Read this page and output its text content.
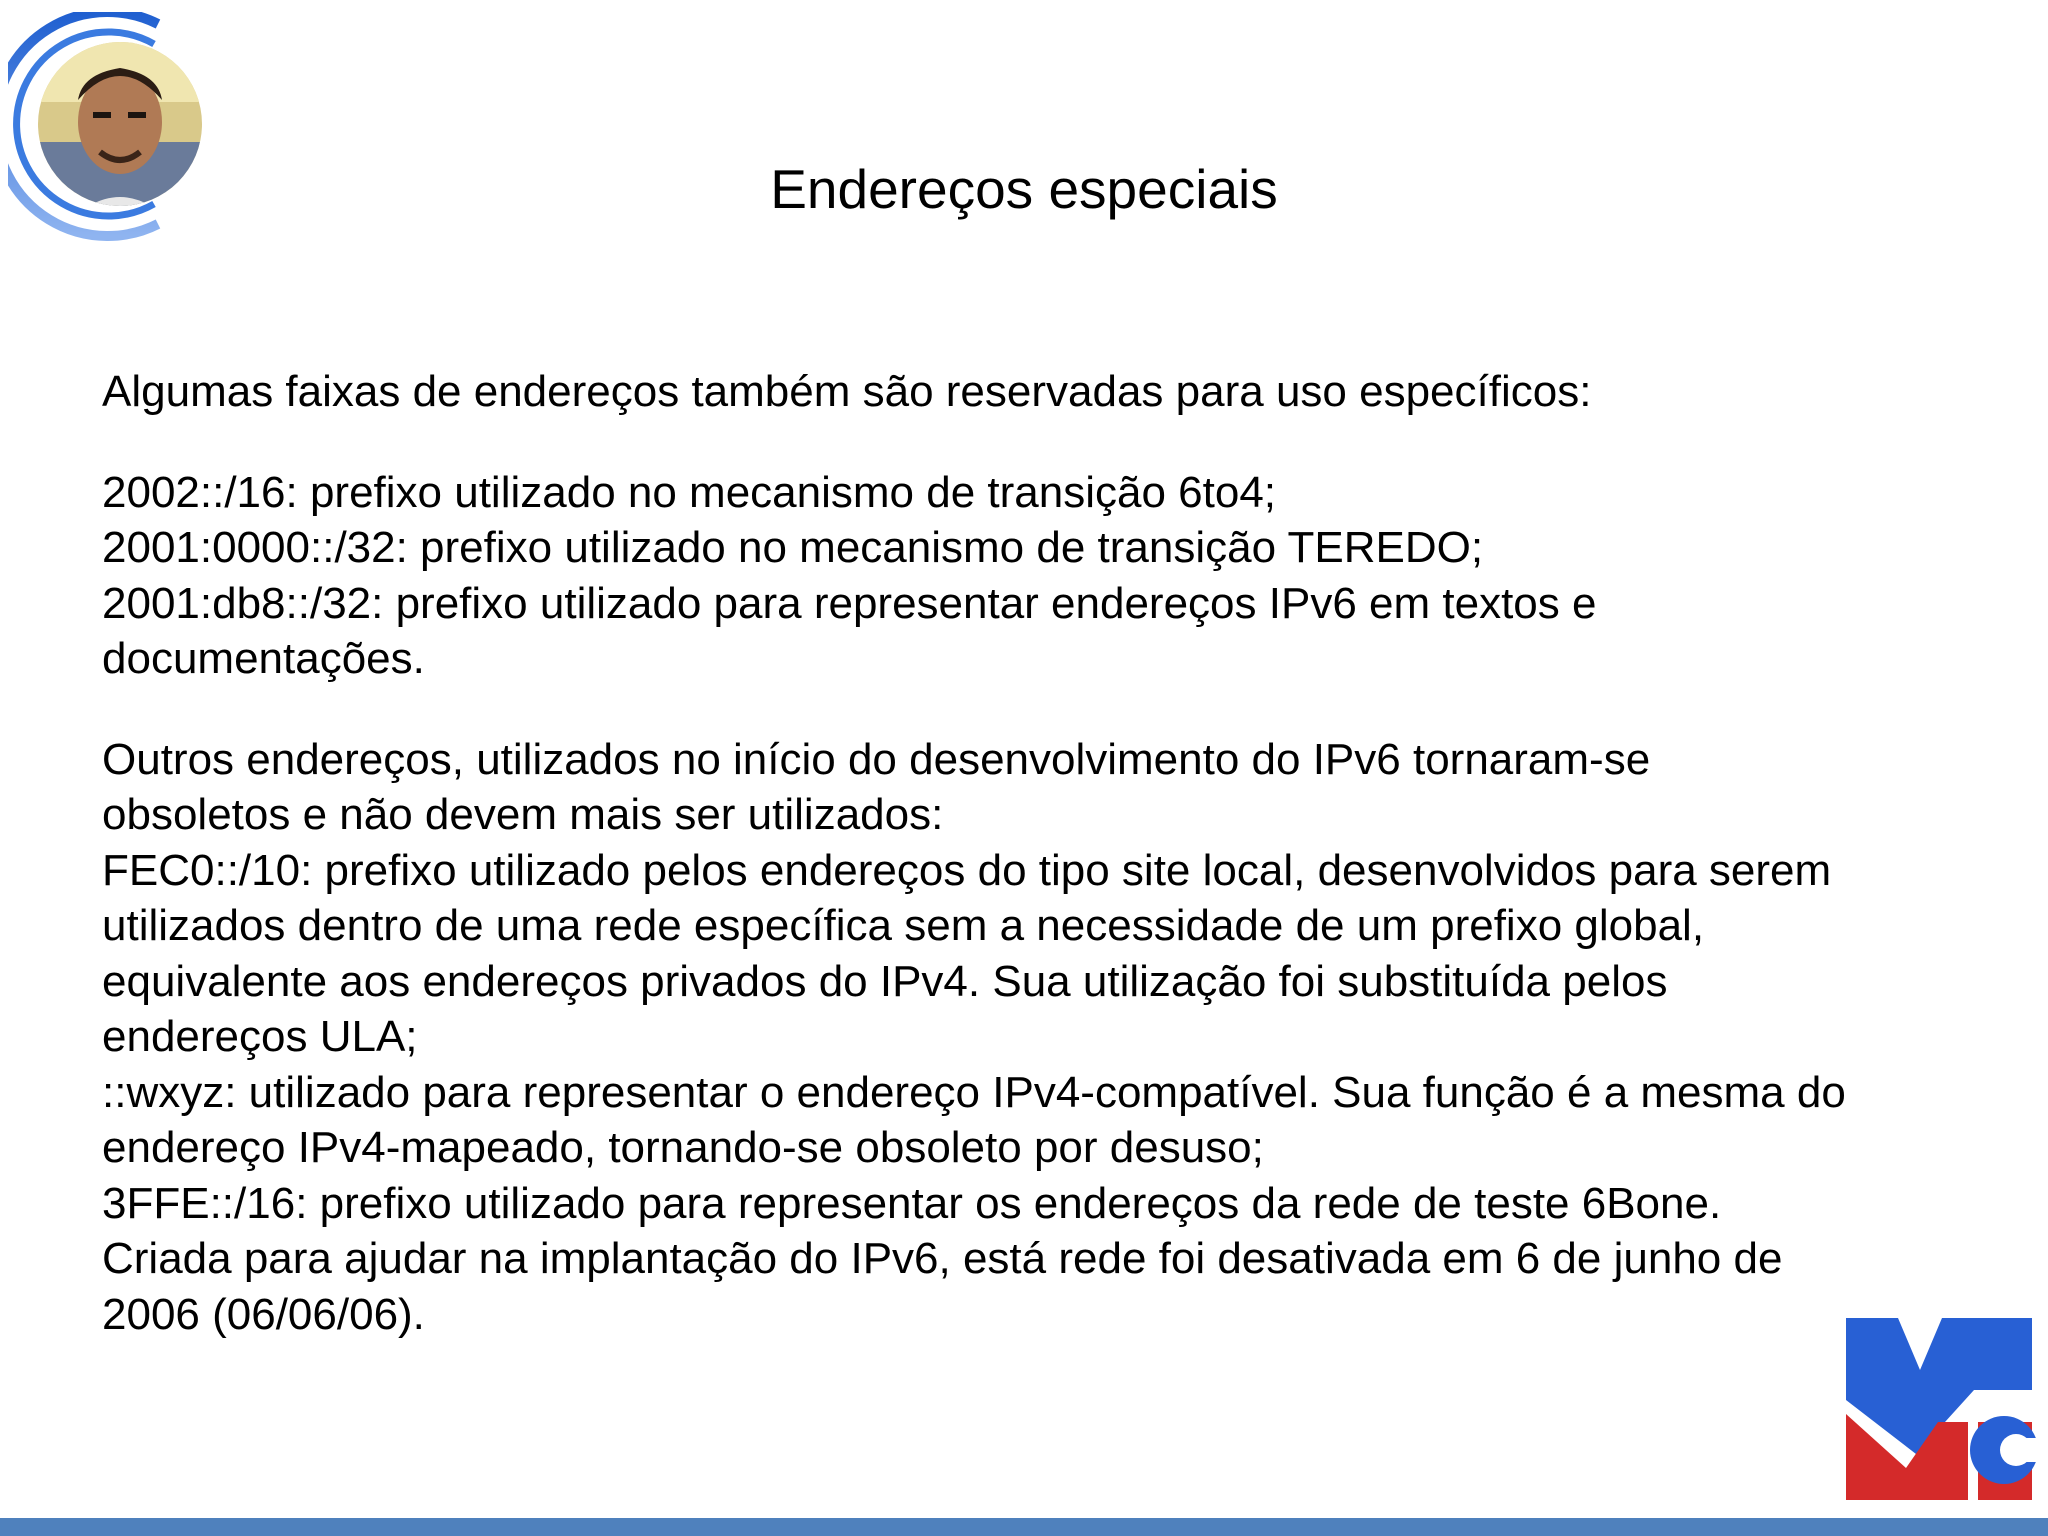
Endereços especiais

Algumas faixas de endereços também são reservadas para uso específicos:

2002::/16: prefixo utilizado no mecanismo de transição 6to4;
2001:0000::/32: prefixo utilizado no mecanismo de transição TEREDO;
2001:db8::/32: prefixo utilizado para representar endereços IPv6 em textos e
documentações.
Outros endereços, utilizados no início do desenvolvimento do IPv6 tornaram-se
obsoletos e não devem mais ser utilizados:
FEC0::/10: prefixo utilizado pelos endereços do tipo site local, desenvolvidos para serem
utilizados dentro de uma rede específica sem a necessidade de um prefixo global,
equivalente aos endereços privados do IPv4. Sua utilização foi substituída pelos
endereços ULA;
::wxyz: utilizado para representar o endereço IPv4-compatível. Sua função é a mesma do
endereço IPv4-mapeado, tornando-se obsoleto por desuso;
3FFE::/16: prefixo utilizado para representar os endereços da rede de teste 6Bone.
Criada para ajudar na implantação do IPv6, está rede foi desativada em 6 de junho de
2006 (06/06/06).
